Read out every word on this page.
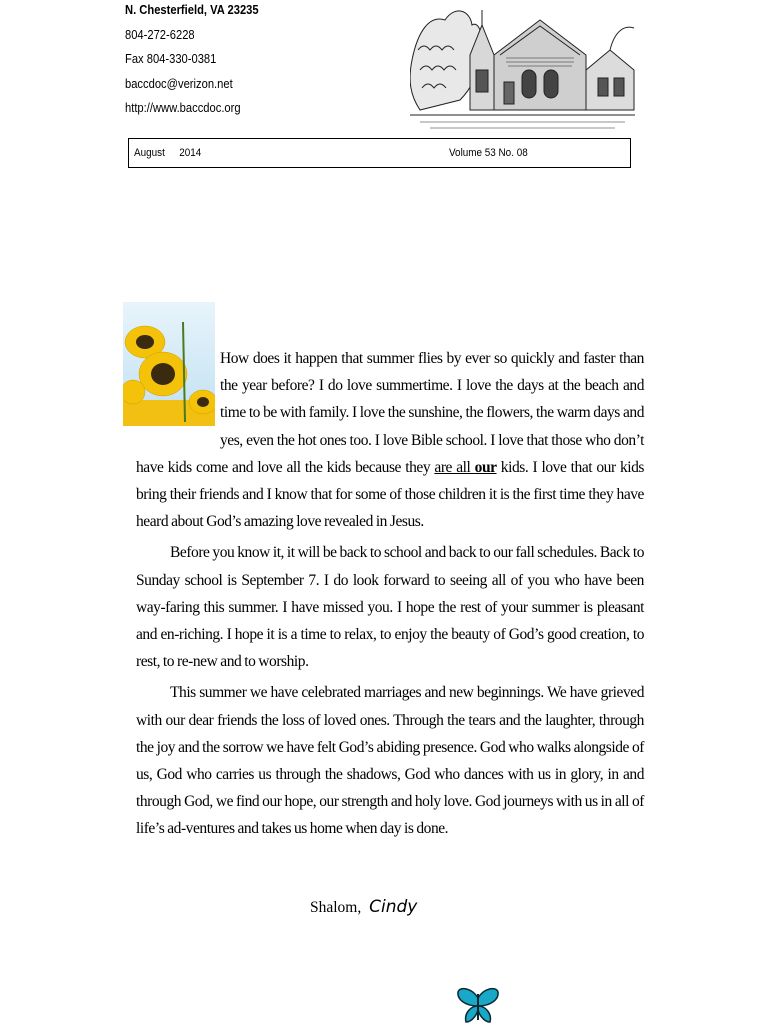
N. Chesterfield, VA 23235
804-272-6228
Fax 804-330-0381
baccdoc@verizon.net
http://www.baccdoc.org
August 2014	Volume 53 No. 08

How does it happen that summer flies by ever so quickly and faster than the year before? I do love summertime. I love the days at the beach and time to be with family. I love the sunshine, the flowers, the warm days and yes, even the hot ones too. I love Bible school. I love that those who don’t have kids come and love all the kids because they are all our kids. I love that our kids bring their friends and I know that for some of those children it is the first time they have heard about God’s amazing love revealed in Jesus.

Before you know it, it will be back to school and back to our fall schedules. Back to Sunday school is September 7. I do look forward to seeing all of you who have been way-faring this summer. I have missed you. I hope the rest of your summer is pleasant and en-riching. I hope it is a time to relax, to enjoy the beauty of God’s good creation, to rest, to re-new and to worship.

This summer we have celebrated marriages and new beginnings. We have grieved with our dear friends the loss of loved ones. Through the tears and the laughter, through the joy and the sorrow we have felt God’s abiding presence. God who walks alongside of us, God who carries us through the shadows, God who dances with us in glory, in and through God, we find our hope, our strength and holy love. God journeys with us in all of life’s ad-ventures and takes us home when day is done.

Shalom, Cindy
